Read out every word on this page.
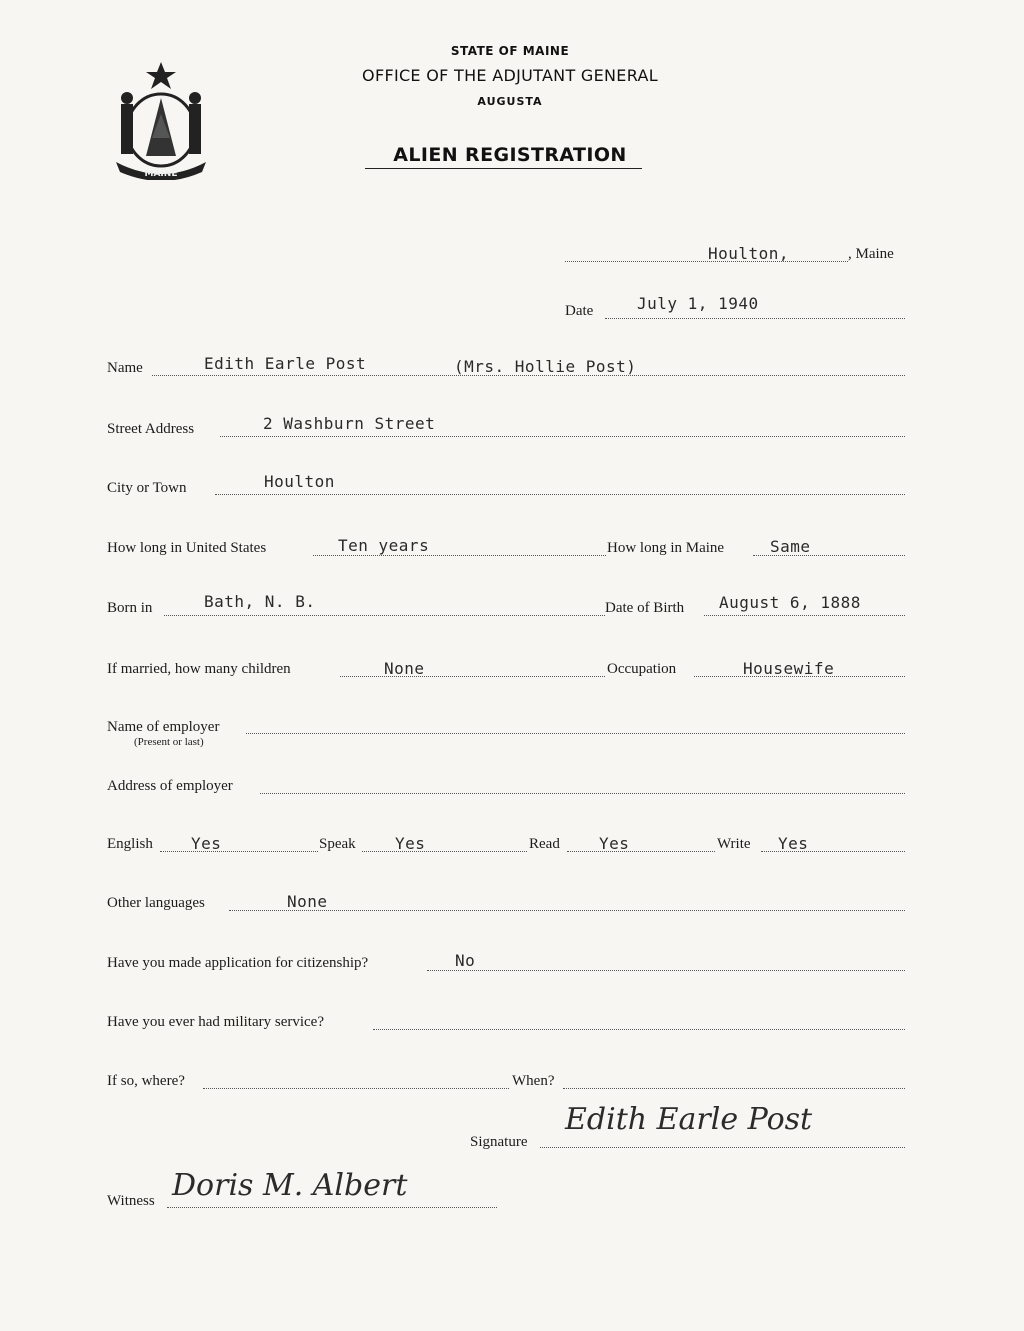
MAINE
STATE OF MAINE
OFFICE OF THE ADJUTANT GENERAL
AUGUSTA
ALIEN REGISTRATION
Houlton,	, Maine
Date	July 1, 1940
Name	Edith Earle Post	(Mrs. Hollie Post)
Street Address	2 Washburn Street
City or Town	Houlton
How long in United States	Ten years	How long in Maine	Same
Born in	Bath, N. B.	Date of Birth August 6, 1888
If married, how many children	None	Occupation	Housewife
Name of employer
(Present or last)
Address of employer
English Yes	Speak Yes	Read Yes	Write Yes
Other languages	None
Have you made application for citizenship?	No
Have you ever had military service?
If so, where?	When?
Signature
Edith Earle Post
Witness Doris M. Albert
